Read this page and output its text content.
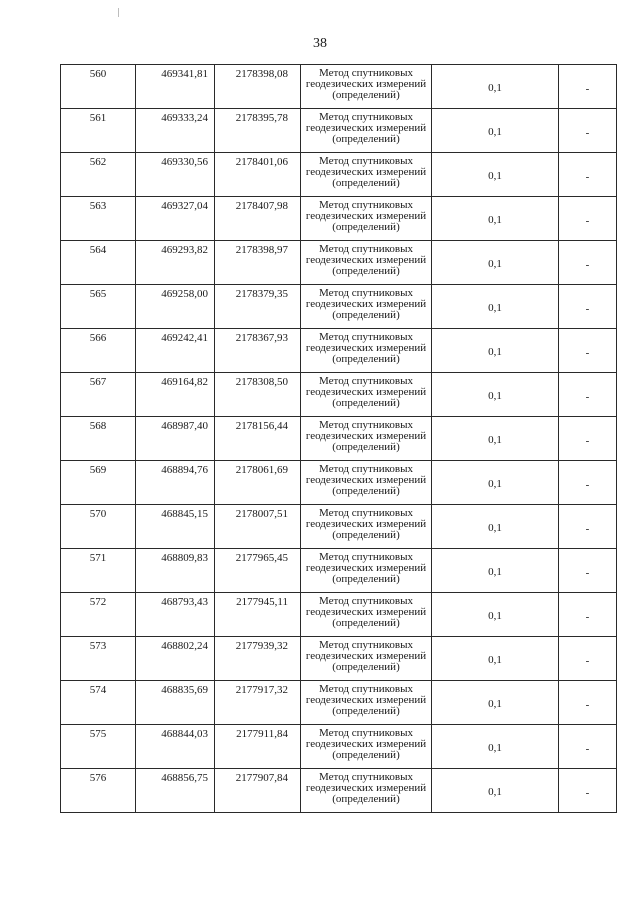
38
560	469341,81	2178398,08	Метод спутниковых
геодезических измерений
(определений)	0,1	-
561	469333,24	2178395,78	Метод спутниковых
геодезических измерений
(определений)	0,1	-
562	469330,56	2178401,06	Метод спутниковых
геодезических измерений
(определений)	0,1	-
563	469327,04	2178407,98	Метод спутниковых
геодезических измерений
(определений)	0,1	-
564	469293,82	2178398,97	Метод спутниковых
геодезических измерений
(определений)	0,1	-
565	469258,00	2178379,35	Метод спутниковых
геодезических измерений
(определений)	0,1	-
566	469242,41	2178367,93	Метод спутниковых
геодезических измерений
(определений)	0,1	-
567	469164,82	2178308,50	Метод спутниковых
геодезических измерений
(определений)	0,1	-
568	468987,40	2178156,44	Метод спутниковых
геодезических измерений
(определений)	0,1	-
569	468894,76	2178061,69	Метод спутниковых
геодезических измерений
(определений)	0,1	-
570	468845,15	2178007,51	Метод спутниковых
геодезических измерений
(определений)	0,1	-
571	468809,83	2177965,45	Метод спутниковых
геодезических измерений
(определений)	0,1	-
572	468793,43	2177945,11	Метод спутниковых
геодезических измерений
(определений)	0,1	-
573	468802,24	2177939,32	Метод спутниковых
геодезических измерений
(определений)	0,1	-
574	468835,69	2177917,32	Метод спутниковых
геодезических измерений
(определений)	0,1	-
575	468844,03	2177911,84	Метод спутниковых
геодезических измерений
(определений)	0,1	-
576	468856,75	2177907,84	Метод спутниковых
геодезических измерений
(определений)	0,1	-
